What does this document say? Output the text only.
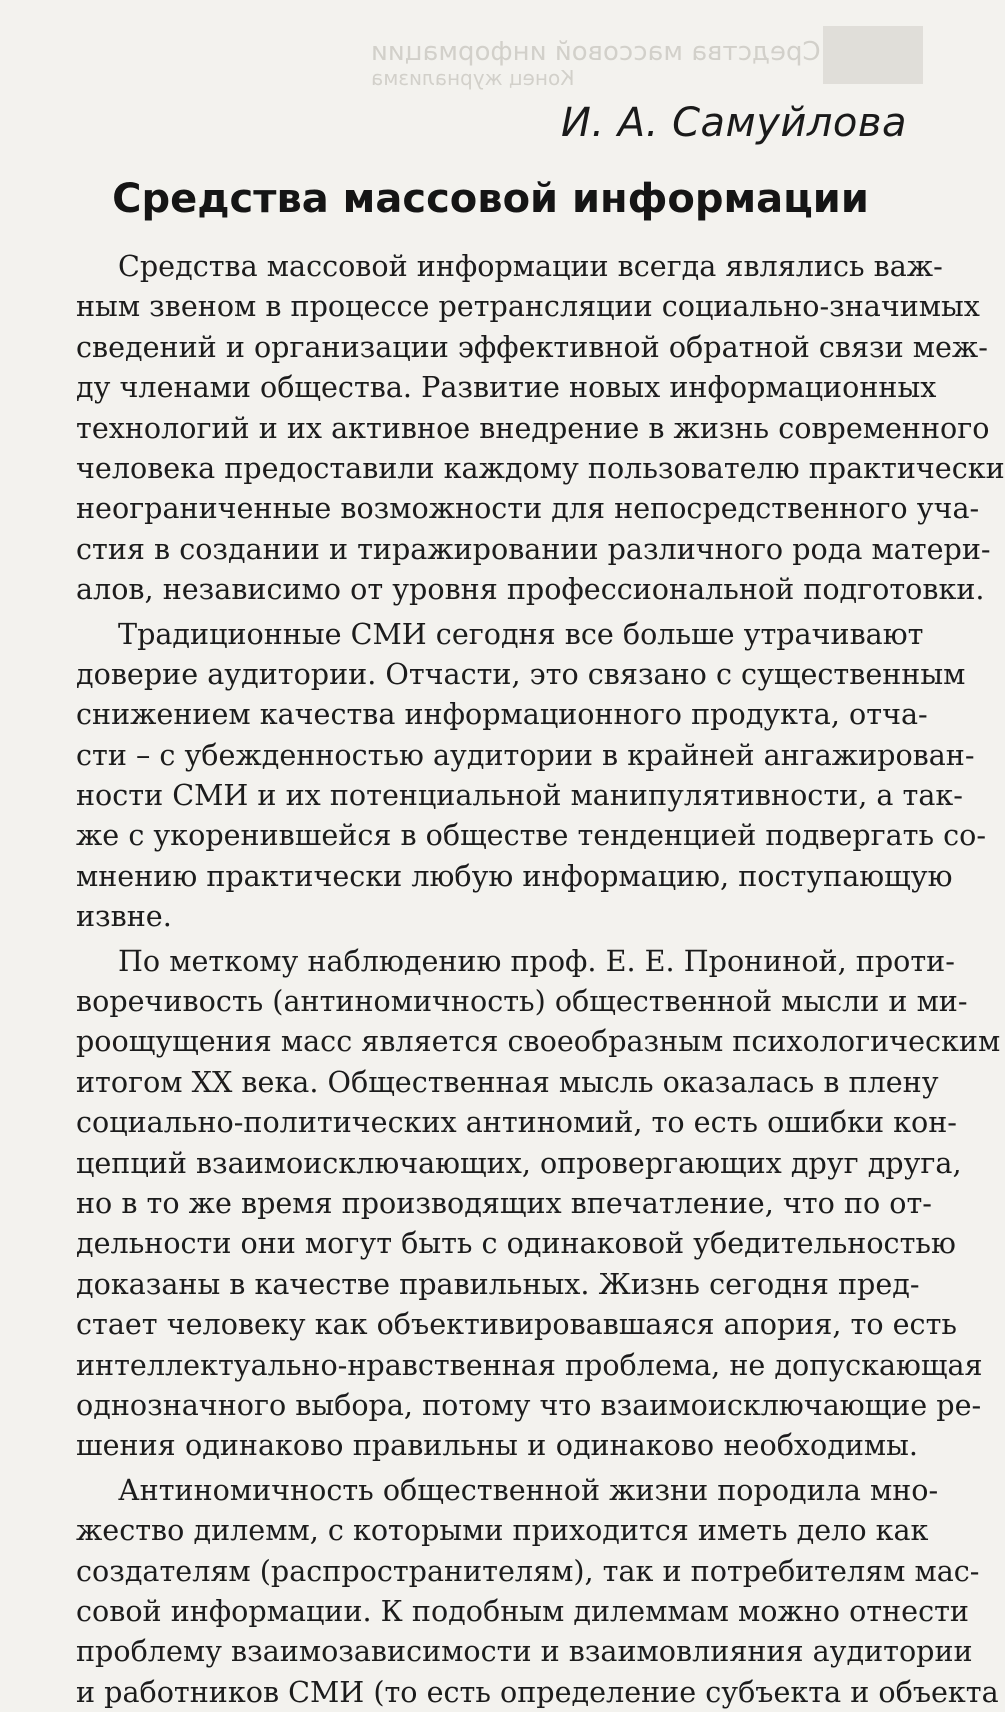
Средства массовой информации
Конец журнализма
И. А. Самуйлова
Средства массовой информации
Средства массовой информации всегда являлись важ-
ным звеном в процессе ретрансляции социально-значимых
сведений и организации эффективной обратной связи меж-
ду членами общества. Развитие новых информационных
технологий и их активное внедрение в жизнь современного
человека предоставили каждому пользователю практически
неограниченные возможности для непосредственного уча-
стия в создании и тиражировании различного рода матери-
алов, независимо от уровня профессиональной подготовки.
Традиционные СМИ сегодня все больше утрачивают
доверие аудитории. Отчасти, это связано с существенным
снижением качества информационного продукта, отча-
сти – с убежденностью аудитории в крайней ангажирован-
ности СМИ и их потенциальной манипулятивности, а так-
же с укоренившейся в обществе тенденцией подвергать со-
мнению практически любую информацию, поступающую
извне.
По меткому наблюдению проф. Е. Е. Прониной, проти-
воречивость (антиномичность) общественной мысли и ми-
роощущения масс является своеобразным психологическим
итогом XX века. Общественная мысль оказалась в плену
социально-политических антиномий, то есть ошибки кон-
цепций взаимоисключающих, опровергающих друг друга,
но в то же время производящих впечатление, что по от-
дельности они могут быть с одинаковой убедительностью
доказаны в качестве правильных. Жизнь сегодня пред-
стает человеку как объективировавшаяся апория, то есть
интеллектуально-нравственная проблема, не допускающая
однозначного выбора, потому что взаимоисключающие ре-
шения одинаково правильны и одинаково необходимы.
Антиномичность общественной жизни породила мно-
жество дилемм, с которыми приходится иметь дело как
создателям (распространителям), так и потребителям мас-
совой информации. К подобным дилеммам можно отнести
проблему взаимозависимости и взаимовлияния аудитории
и работников СМИ (то есть определение субъекта и объекта
